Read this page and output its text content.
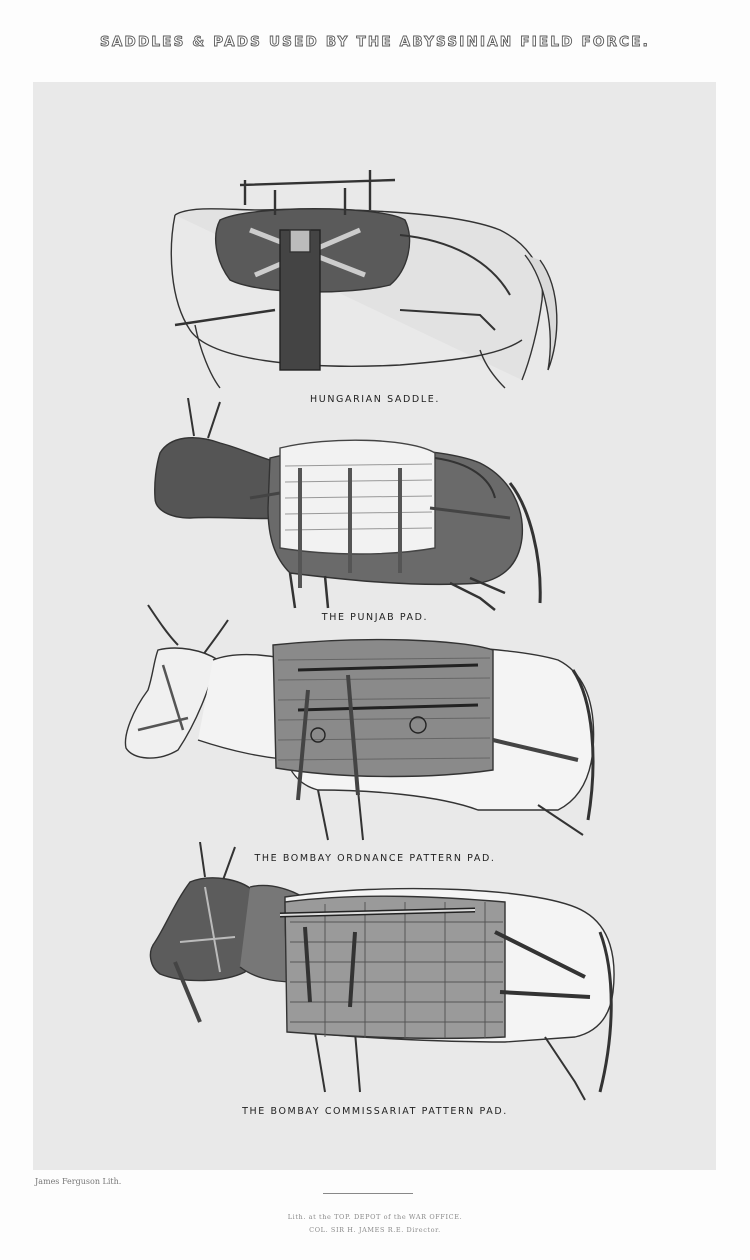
SADDLES & PADS USED BY THE ABYSSINIAN FIELD FORCE.
HUNGARIAN SADDLE.
THE PUNJAB PAD.
THE BOMBAY ORDNANCE PATTERN PAD.
THE BOMBAY COMMISSARIAT PATTERN PAD.
James Ferguson Lith.
Lith. at the TOP. DEPOT of the WAR OFFICE.
COL. SIR H. JAMES R.E. Director.
